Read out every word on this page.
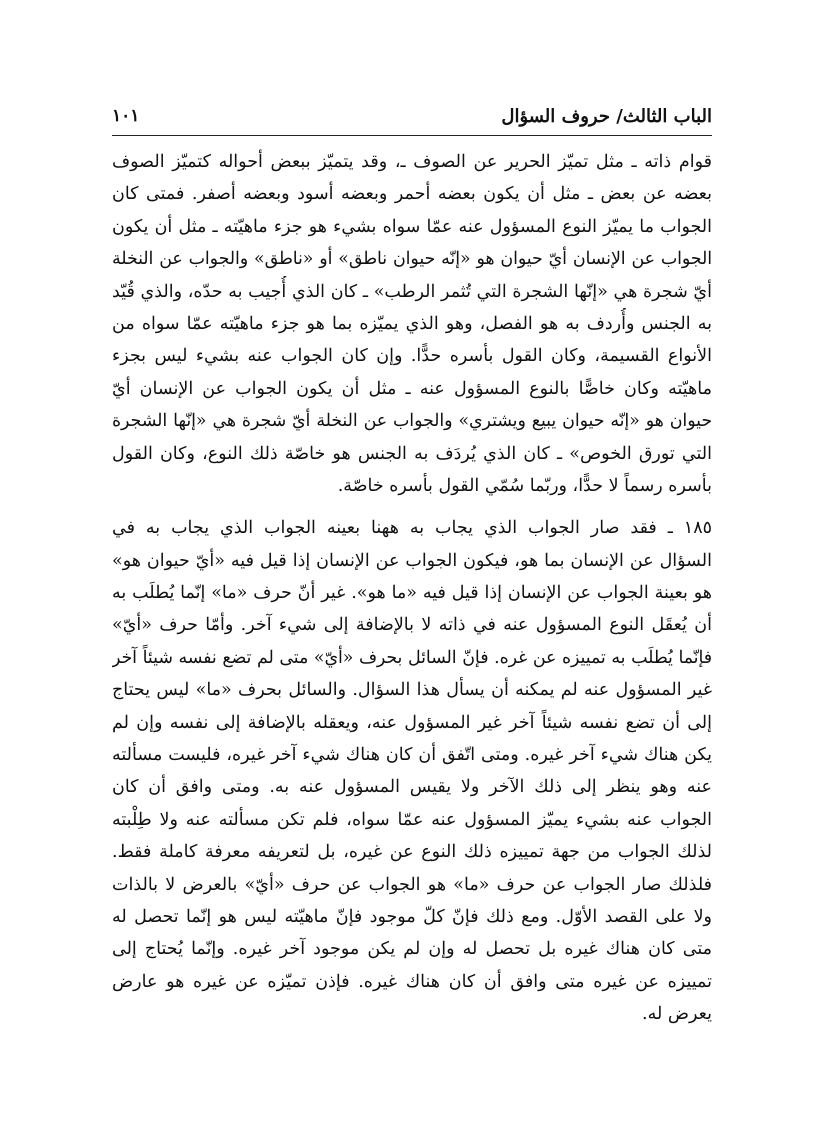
الباب الثالث/ حروف السؤال
١٠١
قوام ذاته ـ مثل تميّز الحرير عن الصوف ـ، وقد يتميّز ببعض أحواله كتميّز الصوف
بعضه عن بعض ـ مثل أن يكون بعضه أحمر وبعضه أسود وبعضه أصفر. فمتى كان
الجواب ما يميّز النوع المسؤول عنه عمّا سواه بشيء هو جزء ماهيّته ـ مثل أن يكون
الجواب عن الإنسان أيّ حيوان هو «إنّه حيوان ناطق» أو «ناطق» والجواب عن النخلة
أيّ شجرة هي «إنّها الشجرة التي تُثمر الرطب» ـ كان الذي أُجيب به حدّه، والذي قُيّد
به الجنس وأُردف به هو الفصل، وهو الذي يميّزه بما هو جزء ماهيّته عمّا سواه من
الأنواع القسيمة، وكان القول بأسره حدًّا. وإن كان الجواب عنه بشيء ليس بجزء
ماهيّته وكان خاصًّا بالنوع المسؤول عنه ـ مثل أن يكون الجواب عن الإنسان أيّ
حيوان هو «إنّه حيوان يبيع ويشتري» والجواب عن النخلة أيّ شجرة هي «إنّها الشجرة
التي تورق الخوص» ـ كان الذي يُردَف به الجنس هو خاصّة ذلك النوع، وكان القول
بأسره رسماً لا حدًّا، وربّما سُمّي القول بأسره خاصّة.
١٨٥ ـ فقد صار الجواب الذي يجاب به ههنا بعينه الجواب الذي يجاب به في
السؤال عن الإنسان بما هو، فيكون الجواب عن الإنسان إذا قيل فيه «أيّ حيوان هو»
هو بعينة الجواب عن الإنسان إذا قيل فيه «ما هو». غير أنّ حرف «ما» إنّما يُطلَب به
أن يُعقَل النوع المسؤول عنه في ذاته لا بالإضافة إلى شيء آخر. وأمّا حرف «أيّ»
فإنّما يُطلَب به تمييزه عن غره. فإنّ السائل بحرف «أيّ» متى لم تضع نفسه شيئاً آخر
غير المسؤول عنه لم يمكنه أن يسأل هذا السؤال. والسائل بحرف «ما» ليس يحتاج
إلى أن تضع نفسه شيئاً آخر غير المسؤول عنه، ويعقله بالإضافة إلى نفسه وإن لم
يكن هناك شيء آخر غيره. ومتى اتّفق أن كان هناك شيء آخر غيره، فليست مسألته
عنه وهو ينظر إلى ذلك الآخر ولا يقيس المسؤول عنه به. ومتى وافق أن كان
الجواب عنه بشيء يميّز المسؤول عنه عمّا سواه، فلم تكن مسألته عنه ولا طِلْبته
لذلك الجواب من جهة تمييزه ذلك النوع عن غيره، بل لتعريفه معرفة كاملة فقط.
فلذلك صار الجواب عن حرف «ما» هو الجواب عن حرف «أيّ» بالعرض لا بالذات
ولا على القصد الأوّل. ومع ذلك فإنّ كلّ موجود فإنّ ماهيّته ليس هو إنّما تحصل له
متى كان هناك غيره بل تحصل له وإن لم يكن موجود آخر غيره. وإنّما يُحتاج إلى
تمييزه عن غيره متى وافق أن كان هناك غيره. فإذن تميّزه عن غيره هو عارض
يعرض له.
